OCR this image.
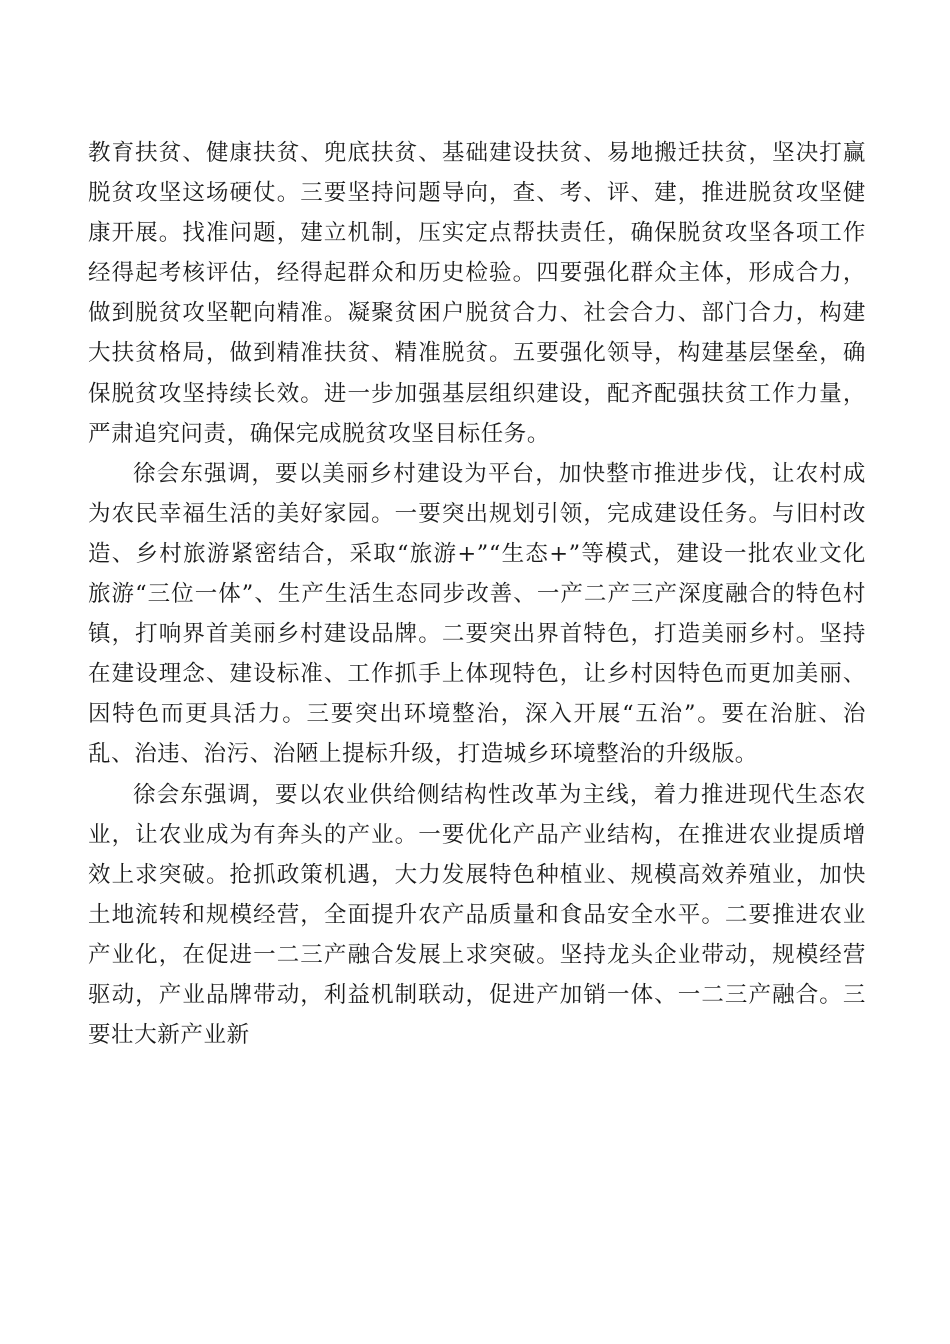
教育扶贫、健康扶贫、兜底扶贫、基础建设扶贫、易地搬迁扶贫，坚决打赢脱贫攻坚这场硬仗。三要坚持问题导向，查、考、评、建，推进脱贫攻坚健康开展。找准问题，建立机制，压实定点帮扶责任，确保脱贫攻坚各项工作经得起考核评估，经得起群众和历史检验。四要强化群众主体，形成合力，做到脱贫攻坚靶向精准。凝聚贫困户脱贫合力、社会合力、部门合力，构建大扶贫格局，做到精准扶贫、精准脱贫。五要强化领导，构建基层堡垒，确保脱贫攻坚持续长效。进一步加强基层组织建设，配齐配强扶贫工作力量，严肃追究问责，确保完成脱贫攻坚目标任务。

徐会东强调，要以美丽乡村建设为平台，加快整市推进步伐，让农村成为农民幸福生活的美好家园。一要突出规划引领，完成建设任务。与旧村改造、乡村旅游紧密结合，采取“旅游+”“生态+”等模式，建设一批农业文化旅游“三位一体”、生产生活生态同步改善、一产二产三产深度融合的特色村镇，打响界首美丽乡村建设品牌。二要突出界首特色，打造美丽乡村。坚持在建设理念、建设标准、工作抓手上体现特色，让乡村因特色而更加美丽、因特色而更具活力。三要突出环境整治，深入开展“五治”。要在治脏、治乱、治违、治污、治陋上提标升级，打造城乡环境整治的升级版。

徐会东强调，要以农业供给侧结构性改革为主线，着力推进现代生态农业，让农业成为有奔头的产业。一要优化产品产业结构，在推进农业提质增效上求突破。抢抓政策机遇，大力发展特色种植业、规模高效养殖业，加快土地流转和规模经营，全面提升农产品质量和食品安全水平。二要推进农业产业化，在促进一二三产融合发展上求突破。坚持龙头企业带动，规模经营驱动，产业品牌带动，利益机制联动，促进产加销一体、一二三产融合。三要壮大新产业新
